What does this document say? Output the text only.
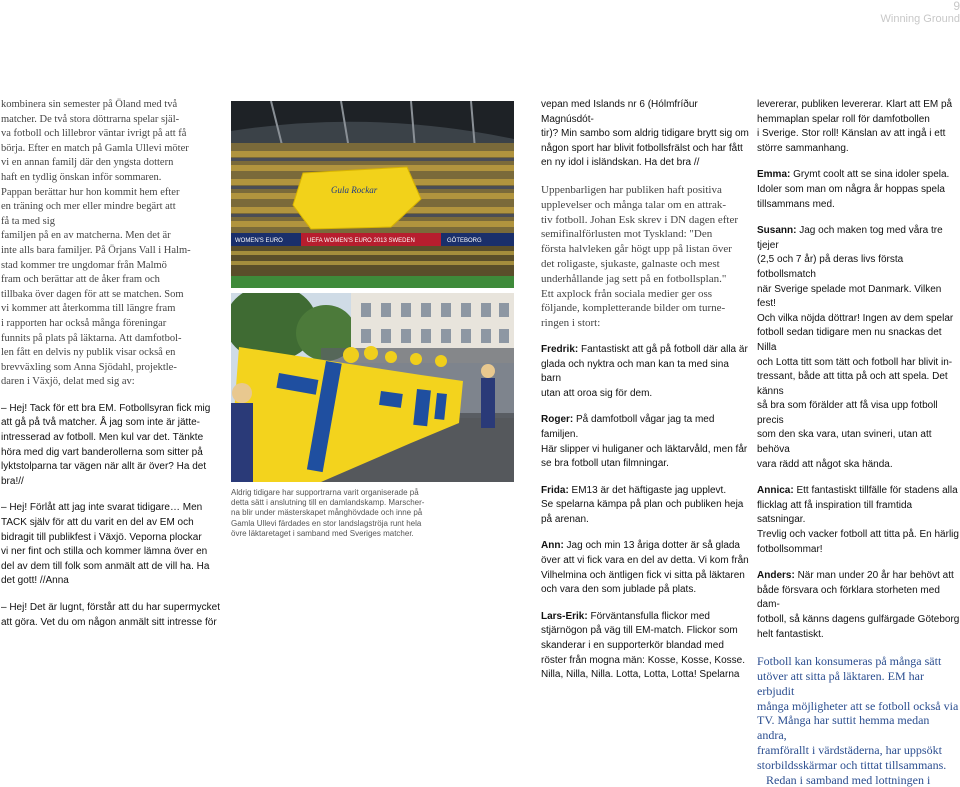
9
Winning Ground

kombinera sin semester på Öland med två

matcher. De två stora döttrarna spelar själ-

va fotboll och lillebror väntar ivrigt på att få

börja. Efter en match på Gamla Ullevi möter

vi en annan familj där den yngsta dottern

haft en tydlig önskan inför sommaren.

Pappan berättar hur hon kommit hem efter

en träning och mer eller mindre begärt att

få ta med sig

familjen på en av matcherna. Men det är

inte alls bara familjer. På Örjans Vall i Halm-

stad kommer tre ungdomar från Malmö

fram och berättar att de åker fram och

tillbaka över dagen för att se matchen. Som

vi kommer att återkomma till längre fram

i rapporten har också många föreningar

funnits på plats på läktarna. Att damfotbol-

len fått en delvis ny publik visar också en

brevväxling som Anna Sjödahl, projektle-

daren i Växjö, delat med sig av:

– Hej! Tack för ett bra EM. Fotbollsyran fick mig

att gå på två matcher. Å jag som inte är jätte-

intresserad av fotboll. Men kul var det. Tänkte

höra med dig vart banderollerna som sitter på

lyktstolparna tar vägen när allt är över? Ha det

bra!//

– Hej! Förlåt att jag inte svarat tidigare… Men

TACK själv för att du varit en del av EM och

bidragit till publikfest i Växjö. Veporna plockar

vi ner fint och stilla och kommer lämna över en

del av dem till folk som anmält att de vill ha. Ha

det gott! //Anna

– Hej! Det är lugnt, förstår att du har supermycket

att göra. Vet du om någon anmält sitt intresse för

Gula Rockar
WOMEN'S EURO	UEFA WOMEN'S EURO 2013 SWEDEN	GÖTEBORG
Aldrig tidigare har supportrarna varit organiserade på
detta sätt i anslutning till en damlandskamp. Marscher-
na blir under mästerskapet månghövdade och inne på
Gamla Ullevi färdades en stor landslagströja runt hela
övre läktaretaget i samband med Sveriges matcher.

vepan med Islands nr 6 (Hólmfríður Magnúsdót-

tir)? Min sambo som aldrig tidigare brytt sig om

någon sport har blivit fotbollsfrälst och har fått

en ny idol i isländskan. Ha det bra //

Uppenbarligen har publiken haft positiva

upplevelser och många talar om en attrak-

tiv fotboll. Johan Esk skrev i DN dagen efter

semifinalförlusten mot Tyskland: "Den

första halvleken går högt upp på listan över

det roligaste, sjukaste, galnaste och mest

underhållande jag sett på en fotbollsplan."

Ett axplock från sociala medier ger oss

följande, kompletterande bilder om turne-

ringen i stort:

Fredrik: Fantastiskt att gå på fotboll där alla är

glada och nyktra och man kan ta med sina barn

utan att oroa sig för dem.

Roger: På damfotboll vågar jag ta med familjen.

Här slipper vi huliganer och läktarvåld, men får

se bra fotboll utan filmningar.

Frida: EM13 är det häftigaste jag upplevt.

Se spelarna kämpa på plan och publiken heja

på arenan.

Ann: Jag och min 13 åriga dotter är så glada

över att vi fick vara en del av detta. Vi kom från

Vilhelmina och äntligen fick vi sitta på läktaren

och vara den som jublade på plats.

Lars-Erik: Förväntansfulla flickor med

stjärnögon på väg till EM-match. Flickor som

skanderar i en supporterkör blandad med

röster från mogna män: Kosse, Kosse, Kosse.

Nilla, Nilla, Nilla. Lotta, Lotta, Lotta! Spelarna

levererar, publiken levererar. Klart att EM på

hemmaplan spelar roll för damfotbollen

i Sverige. Stor roll! Känslan av att ingå i ett

större sammanhang.

Emma: Grymt coolt att se sina idoler spela.

Idoler som man om några år hoppas spela

tillsammans med.

Susann: Jag och maken tog med våra tre tjejer

(2,5 och 7 år) på deras livs första fotbollsmatch

när Sverige spelade mot Danmark. Vilken fest!

Och vilka nöjda döttrar! Ingen av dem spelar

fotboll sedan tidigare men nu snackas det Nilla

och Lotta titt som tätt och fotboll har blivit in-

tressant, både att titta på och att spela. Det känns

så bra som förälder att få visa upp fotboll precis

som den ska vara, utan svineri, utan att behöva

vara rädd att något ska hända.

Annica: Ett fantastiskt tillfälle för stadens alla

flicklag att få inspiration till framtida satsningar.

Trevlig och vacker fotboll att titta på. En härlig

fotbollsommar!

Anders: När man under 20 år har behövt att

både försvara och förklara storheten med dam-

fotboll, så känns dagens gulfärgade Göteborg

helt fantastiskt.

Fotboll kan konsumeras på många sätt

utöver att sitta på läktaren. EM har erbjudit

många möjligheter att se fotboll också via

TV. Många har suttit hemma medan andra,

framförallt i värdstäderna, har uppsökt

storbildsskärmar och tittat tillsammans.

Redan i samband med lottningen i
